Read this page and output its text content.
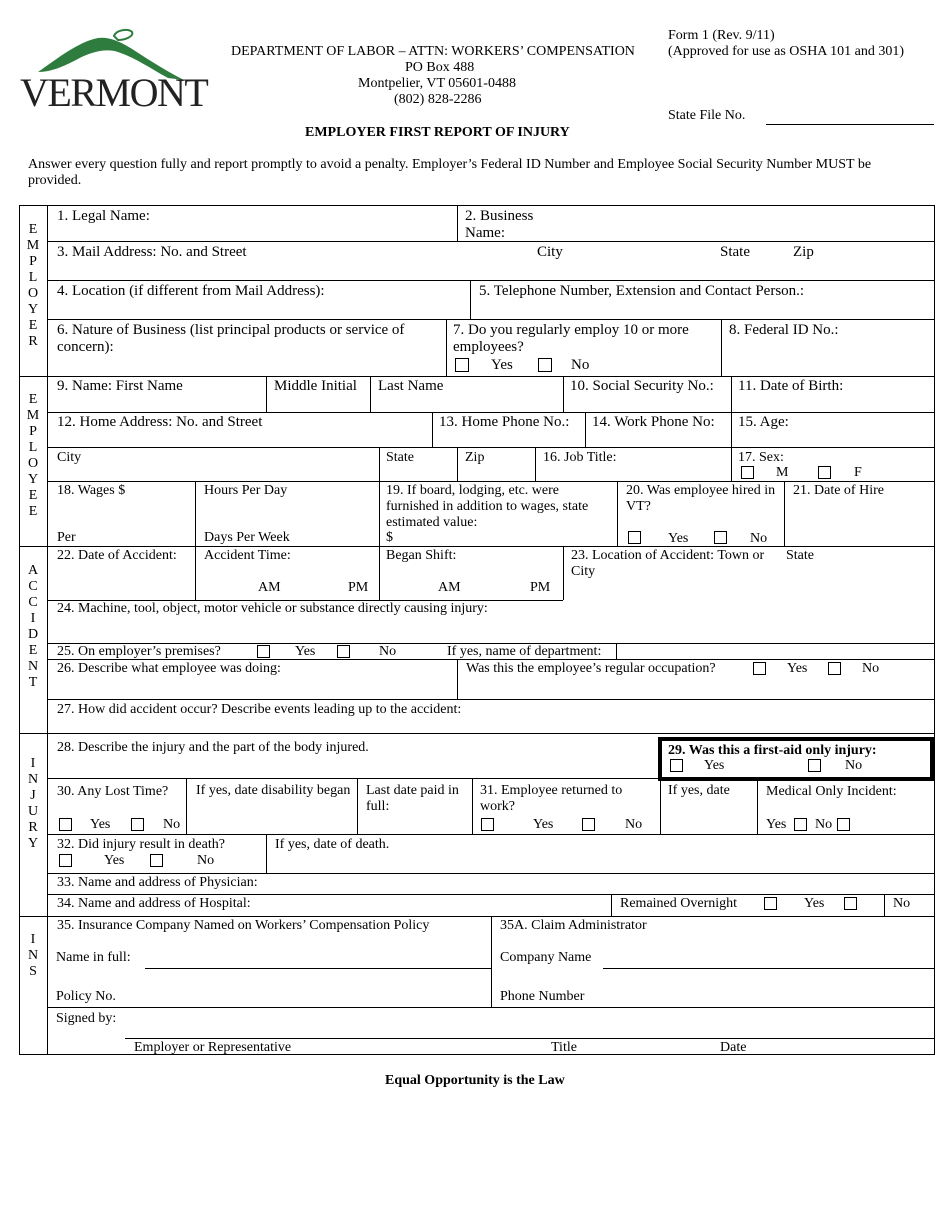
VERMONT
DEPARTMENT OF LABOR – ATTN: WORKERS’ COMPENSATION
PO Box 488
Montpelier, VT 05601-0488
(802) 828-2286
Form 1 (Rev. 9/11)
(Approved for use as OSHA 101 and 301)
State File No.
EMPLOYER FIRST REPORT OF INJURY
Answer every question fully and report promptly to avoid a penalty. Employer’s Federal ID Number and Employee Social Security Number MUST be provided.
E
M
P
L
O
Y
E
R
E
M
P
L
O
Y
E
E
A
C
C
I
D
E
N
T
I
N
J
U
R
Y
I
N
S
1. Legal Name:	2. Business Name:
3. Mail Address: No. and Street	City	State	Zip
4. Location (if different from Mail Address):	5. Telephone Number, Extension and Contact Person.:
6. Nature of Business (list principal products or service of concern):
7. Do you regularly employ 10 or more employees?
Yes	No
8. Federal ID No.:
9. Name: First Name	Middle Initial Last Name	10. Social Security No.: 11. Date of Birth:
12. Home Address: No. and Street	13. Home Phone No.: 14. Work Phone No: 15. Age:
City	State	Zip	16. Job Title:	17. Sex:
M	F
18. Wages $
Per
Hours Per Day
Days Per Week
19. If board, lodging, etc. were furnished in addition to wages, state estimated value:
$
20. Was employee hired in VT?
Yes	No
21. Date of Hire
22. Date of Accident: Accident Time:
AM	PM
Began Shift:
AM	PM
23. Location of Accident: Town or City
State
24. Machine, tool, object, motor vehicle or substance directly causing injury:
25. On employer’s premises?	Yes	No	If yes, name of department:
26. Describe what employee was doing:	Was this the employee’s regular occupation?	Yes	No
27. How did accident occur? Describe events leading up to the accident:
28. Describe the injury and the part of the body injured.	29. Was this a first-aid only injury:
Yes	No
30. Any Lost Time?
Yes	No
If yes, date disability began Last date paid in full:
31. Employee returned to work?
Yes	No
If yes, date	Medical Only Incident:
Yes No
32. Did injury result in death?
Yes	No
If yes, date of death.
33. Name and address of Physician:
34. Name and address of Hospital:	Remained Overnight	Yes	No
35. Insurance Company Named on Workers’ Compensation Policy	35A. Claim Administrator
Name in full:	Company Name
Policy No.	Phone Number
Signed by:
Employer or Representative	Title	Date
Equal Opportunity is the Law
